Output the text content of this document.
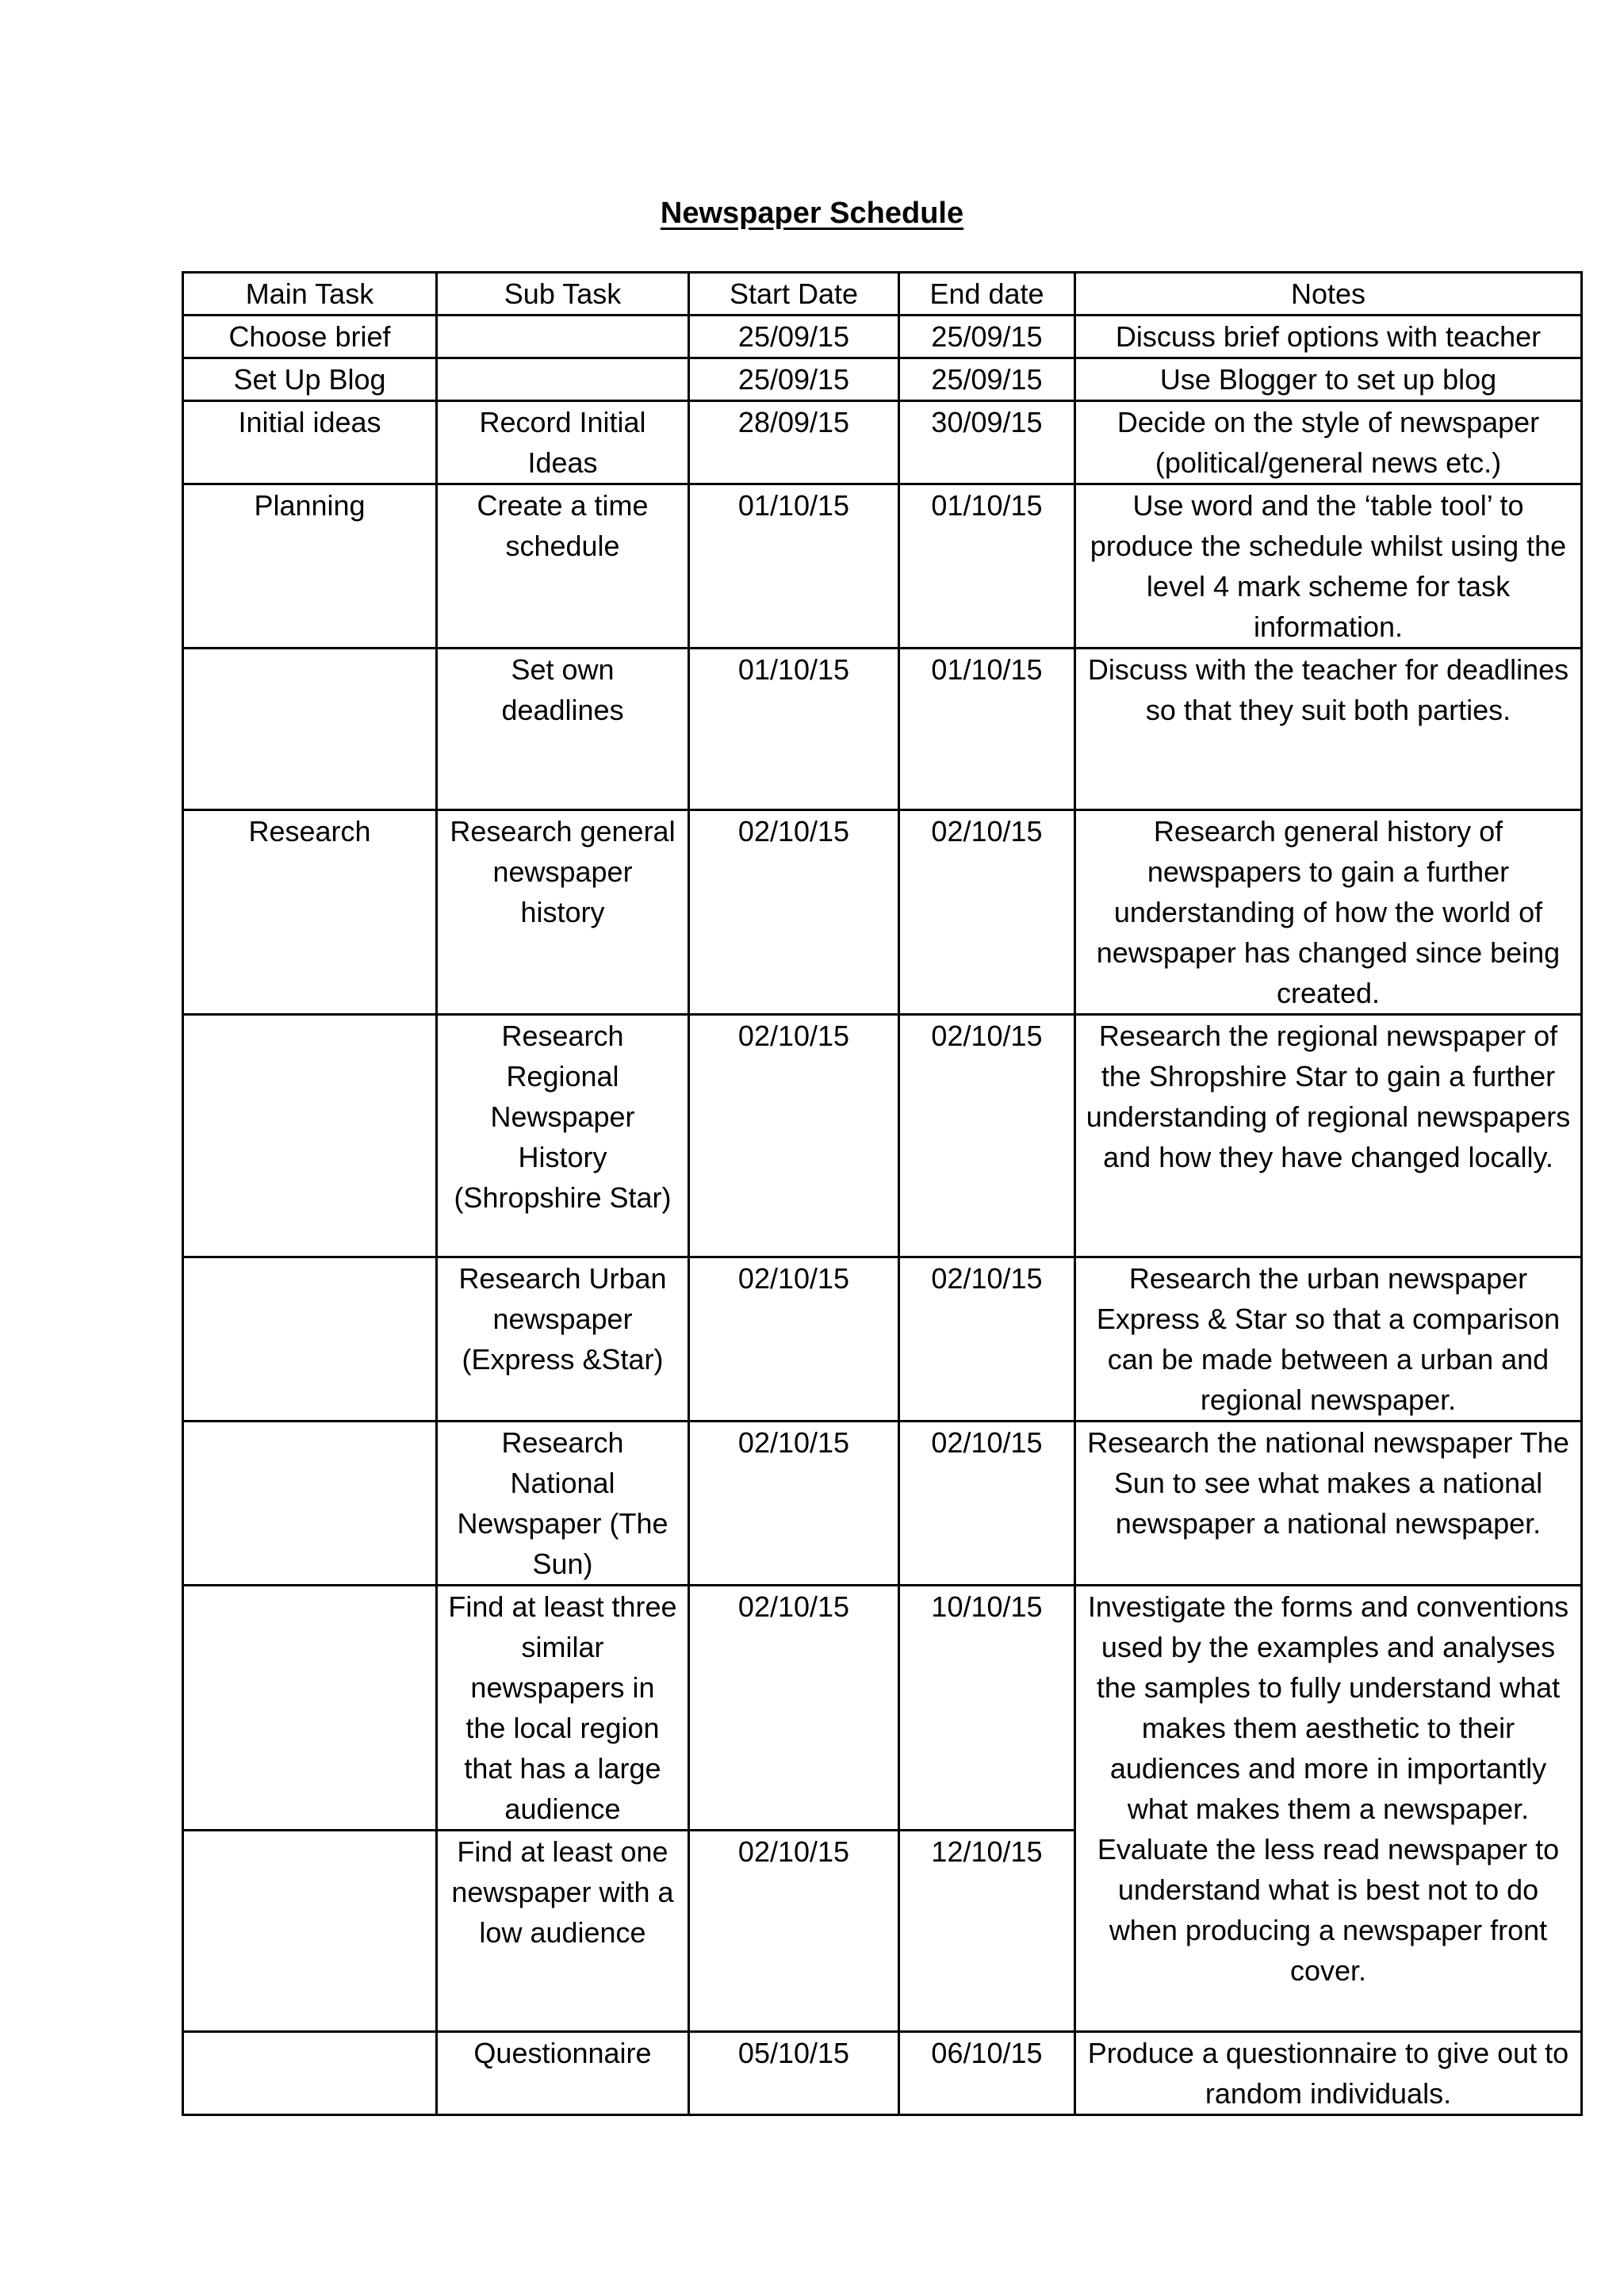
Newspaper Schedule
Main Task	Sub Task	Start Date	End date	Notes
Choose brief		25/09/15	25/09/15	Discuss brief options with teacher
Set Up Blog		25/09/15	25/09/15	Use Blogger to set up blog
Initial ideas	Record Initial Ideas	28/09/15	30/09/15	Decide on the style of newspaper (political/general news etc.)
Planning	Create a time schedule	01/10/15	01/10/15	Use word and the ‘table tool’ to produce the schedule whilst using the level 4 mark scheme for task information.
	Set own deadlines	01/10/15	01/10/15	Discuss with the teacher for deadlines so that they suit both parties.
Research	Research general newspaper history	02/10/15	02/10/15	Research general history of newspapers to gain a further understanding of how the world of newspaper has changed since being created.
	Research Regional Newspaper History (Shropshire Star)	02/10/15	02/10/15	Research the regional newspaper of the Shropshire Star to gain a further understanding of regional newspapers and how they have changed locally.
	Research Urban newspaper (Express &Star)	02/10/15	02/10/15	Research the urban newspaper Express & Star so that a comparison can be made between a urban and regional newspaper.
	Research National Newspaper (The Sun)	02/10/15	02/10/15	Research the national newspaper The Sun to see what makes a national newspaper a national newspaper.
	Find at least three similar newspapers in the local region that has a large audience	02/10/15	10/10/15	Investigate the forms and conventions used by the examples and analyses the samples to fully understand what makes them aesthetic to their audiences and more in importantly what makes them a newspaper. Evaluate the less read newspaper to understand what is best not to do when producing a newspaper front cover.
	Find at least one newspaper with a low audience	02/10/15	12/10/15	
	Questionnaire	05/10/15	06/10/15	Produce a questionnaire to give out to random individuals.
